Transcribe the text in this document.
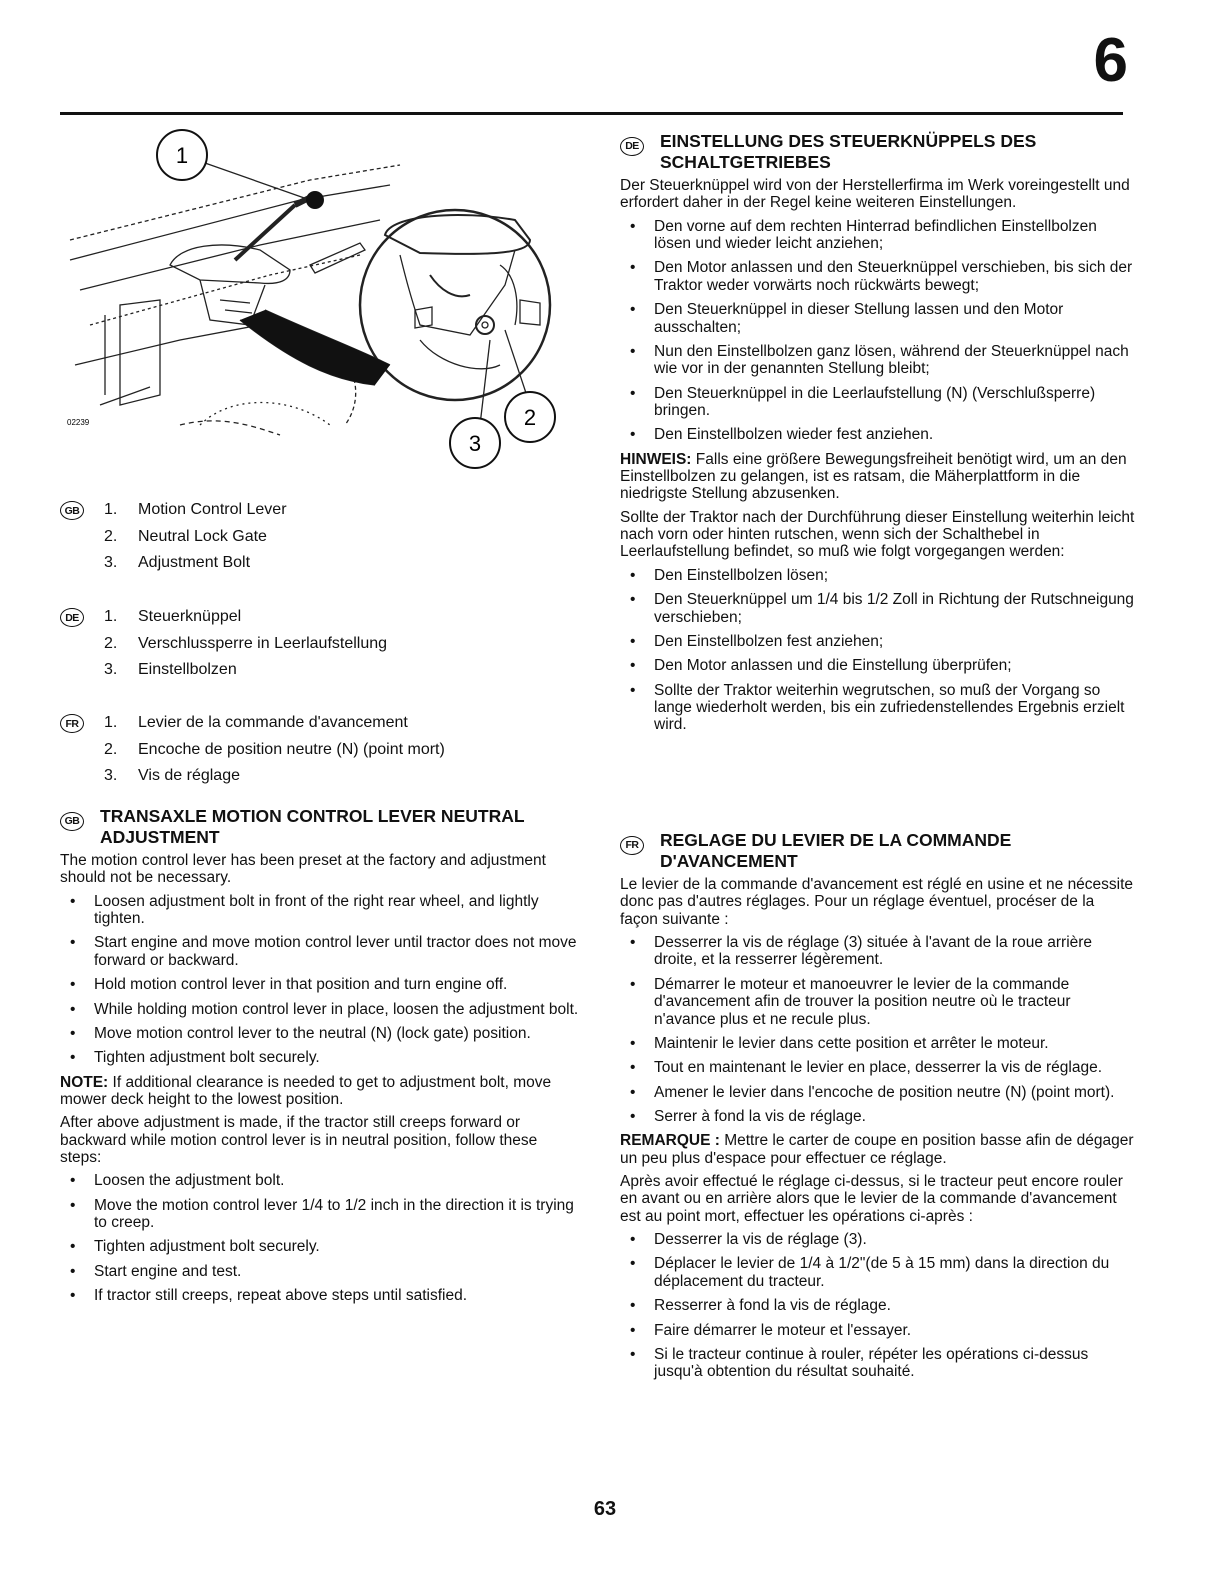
6
1
2
3
02239
GB	1.	Motion Control Lever
2.	Neutral Lock Gate
3.	Adjustment Bolt
DE	1.	Steuerknüppel
2.	Verschlussperre in Leerlaufstellung
3.	Einstellbolzen
FR	1.	Levier de la commande d'avancement
2.	Encoche de position neutre (N) (point mort)
3.	Vis de réglage
GB TRANSAXLE MOTION CONTROL LEVER NEUTRAL ADJUSTMENT

The motion control lever has been preset at the factory and adjustment should not be necessary.

• Loosen adjustment bolt in front of the right rear wheel, and lightly tighten.
• Start engine and move motion control lever until tractor does not move forward or backward.
• Hold motion control lever in that position and turn engine off.
• While holding motion control lever in place, loosen the adjustment bolt.
• Move motion control lever to the neutral (N) (lock gate) position.
• Tighten adjustment bolt securely.

NOTE: If additional clearance is needed to get to adjustment bolt, move mower deck height to the lowest position.

After above adjustment is made, if the tractor still creeps forward or backward while motion control lever is in neutral position, follow these steps:

• Loosen the adjustment bolt.
• Move the motion control lever 1/4 to 1/2 inch in the direction it is trying to creep.
• Tighten adjustment bolt securely.
• Start engine and test.
• If tractor still creeps, repeat above steps until satisfied.
DE EINSTELLUNG DES STEUERKNÜPPELS DES SCHALTGETRIEBES

Der Steuerknüppel wird von der Herstellerfirma im Werk voreingestellt und erfordert daher in der Regel keine weiteren Einstellungen.

• Den vorne auf dem rechten Hinterrad befindlichen Einstellbolzen lösen und wieder leicht anziehen;
• Den Motor anlassen und den Steuerknüppel verschieben, bis sich der Traktor weder vorwärts noch rückwärts bewegt;
• Den Steuerknüppel in dieser Stellung lassen und den Motor ausschalten;
• Nun den Einstellbolzen ganz lösen, während der Steuerknüppel nach wie vor in der genannten Stellung bleibt;
• Den Steuerknüppel in die Leerlaufstellung (N) (Verschlußsperre) bringen.
• Den Einstellbolzen wieder fest anziehen.

HINWEIS: Falls eine größere Bewegungsfreiheit benötigt wird, um an den Einstellbolzen zu gelangen, ist es ratsam, die Mäherplattform in die niedrigste Stellung abzusenken.

Sollte der Traktor nach der Durchführung dieser Einstellung weiterhin leicht nach vorn oder hinten rutschen, wenn sich der Schalthebel in Leerlaufstellung befindet, so muß wie folgt vorgegangen werden:

• Den Einstellbolzen lösen;
• Den Steuerknüppel um 1/4 bis 1/2 Zoll in Richtung der Rutschneigung verschieben;
• Den Einstellbolzen fest anziehen;
• Den Motor anlassen und die Einstellung überprüfen;
• Sollte der Traktor weiterhin wegrutschen, so muß der Vorgang so lange wiederholt werden, bis ein zufriedenstellendes Ergebnis erzielt wird.
FR	REGLAGE DU LEVIER DE LA COMMANDE D'AVANCEMENT

Le levier de la commande d'avancement est réglé en usine et ne nécessite donc pas d'autres réglages. Pour un réglage éventuel, procéser de la façon suivante :

• Desserrer la vis de réglage (3) située à l'avant de la roue arrière droite, et la resserrer légèrement.
• Démarrer le moteur et manoeuvrer le levier de la commande d'avancement afin de trouver la position neutre où le tracteur n'avance plus et ne recule plus.
• Maintenir le levier dans cette position et arrêter le moteur.
• Tout en maintenant le levier en place, desserrer la vis de réglage.
• Amener le levier dans l'encoche de position neutre (N) (point mort).
• Serrer à fond la vis de réglage.

REMARQUE : Mettre le carter de coupe en position basse afin de dégager un peu plus d'espace pour effectuer ce réglage.

Après avoir effectué le réglage ci-dessus, si le tracteur peut encore rouler en avant ou en arrière alors que le levier de la commande d'avancement est au point mort, effectuer les opérations ci-après :

• Desserrer la vis de réglage (3).
• Déplacer le levier de 1/4 à 1/2"(de 5 à 15 mm) dans la direction du déplacement du tracteur.
• Resserrer à fond la vis de réglage.
• Faire démarrer le moteur et l'essayer.
• Si le tracteur continue à rouler, répéter les opérations ci-dessus jusqu'à obtention du résultat souhaité.
63
